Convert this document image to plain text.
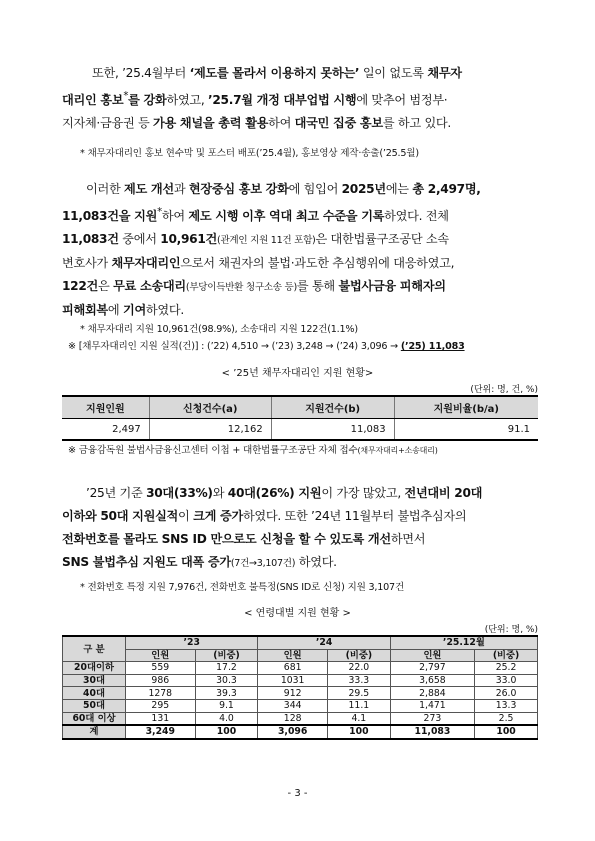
또한, ’25.4월부터 ‘제도를 몰라서 이용하지 못하는’ 일이 없도록 채무자
대리인 홍보*를 강화하였고, ’25.7월 개정 대부업법 시행에 맞추어 범정부·
지자체·금융권 등 가용 채널을 총력 활용하여 대국민 집중 홍보를 하고 있다.
* 채무자대리인 홍보 현수막 및 포스터 배포(’25.4월), 홍보영상 제작·송출(’25.5월)
이러한 제도 개선과 현장중심 홍보 강화에 힘입어 2025년에는 총 2,497명,
11,083건을 지원*하여 제도 시행 이후 역대 최고 수준을 기록하였다. 전체
11,083건 중에서 10,961건(관계인 지원 11건 포함)은 대한법률구조공단 소속
변호사가 채무자대리인으로서 채권자의 불법·과도한 추심행위에 대응하였고,
122건은 무료 소송대리(부당이득반환 청구소송 등)를 통해 불법사금융 피해자의
피해회복에 기여하였다.
* 채무자대리 지원 10,961건(98.9%), 소송대리 지원 122건(1.1%)
※ [채무자대리인 지원 실적(건)] : (’22) 4,510 → (’23) 3,248 → (’24) 3,096 → (’25) 11,083
< ’25년 채무자대리인 지원 현황>
(단위: 명, 건, %)
지원인원	신청건수(a)	지원건수(b)	지원비율(b/a)
2,497	12,162	11,083	91.1
※ 금융감독원 불법사금융신고센터 이첩 + 대한법률구조공단 자체 접수(채무자대리+소송대리)
’25년 기준 30대(33%)와 40대(26%) 지원이 가장 많았고, 전년대비 20대
이하와 50대 지원실적이 크게 증가하였다. 또한 ’24년 11월부터 불법추심자의
전화번호를 몰라도 SNS ID 만으로도 신청을 할 수 있도록 개선하면서
SNS 불법추심 지원도 대폭 증가(7건→3,107건) 하였다.
* 전화번호 특정 지원 7,976건, 전화번호 불특정(SNS ID로 신청) 지원 3,107건
< 연령대별 지원 현황 >
(단위: 명, %)
구 분	’23		’24		’25.12월	
	인원	(비중)	인원	(비중)	인원	(비중)
20대이하	559	17.2	681	22.0	2,797	25.2
30대	986	30.3	1031	33.3	3,658	33.0
40대	1278	39.3	912	29.5	2,884	26.0
50대	295	9.1	344	11.1	1,471	13.3
60대 이상	131	4.0	128	4.1	273	2.5
계	3,249	100	3,096	100	11,083	100
- 3 -
